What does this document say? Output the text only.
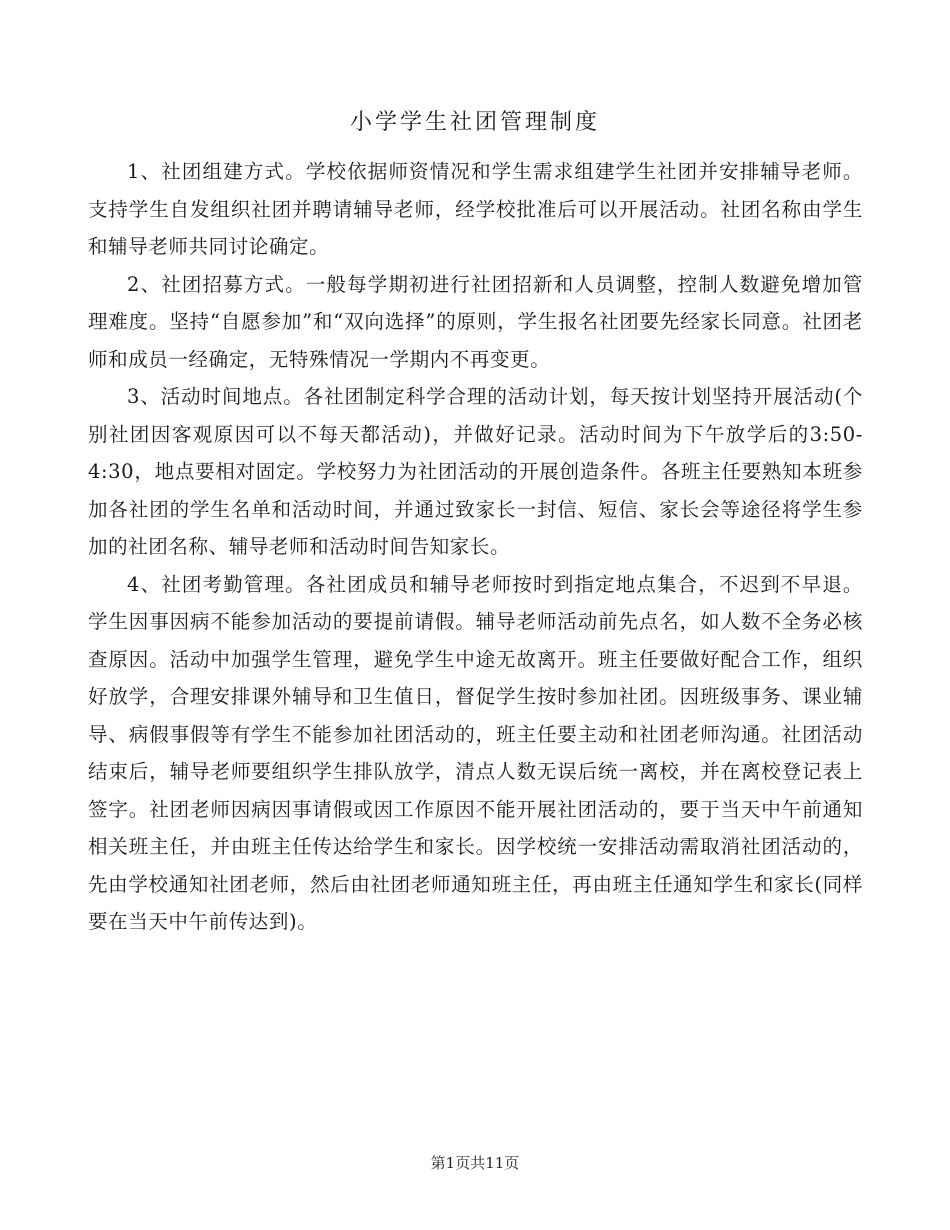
小学学生社团管理制度

1、社团组建方式。学校依据师资情况和学生需求组建学生社团并安排辅导老师。支持学生自发组织社团并聘请辅导老师，经学校批准后可以开展活动。社团名称由学生和辅导老师共同讨论确定。

2、社团招募方式。一般每学期初进行社团招新和人员调整，控制人数避免增加管理难度。坚持“自愿参加”和“双向选择”的原则，学生报名社团要先经家长同意。社团老师和成员一经确定，无特殊情况一学期内不再变更。

3、活动时间地点。各社团制定科学合理的活动计划，每天按计划坚持开展活动(个别社团因客观原因可以不每天都活动)，并做好记录。活动时间为下午放学后的3:50-4:30，地点要相对固定。学校努力为社团活动的开展创造条件。各班主任要熟知本班参加各社团的学生名单和活动时间，并通过致家长一封信、短信、家长会等途径将学生参加的社团名称、辅导老师和活动时间告知家长。

4、社团考勤管理。各社团成员和辅导老师按时到指定地点集合，不迟到不早退。学生因事因病不能参加活动的要提前请假。辅导老师活动前先点名，如人数不全务必核查原因。活动中加强学生管理，避免学生中途无故离开。班主任要做好配合工作，组织好放学，合理安排课外辅导和卫生值日，督促学生按时参加社团。因班级事务、课业辅导、病假事假等有学生不能参加社团活动的，班主任要主动和社团老师沟通。社团活动结束后，辅导老师要组织学生排队放学，清点人数无误后统一离校，并在离校登记表上签字。社团老师因病因事请假或因工作原因不能开展社团活动的，要于当天中午前通知相关班主任，并由班主任传达给学生和家长。因学校统一安排活动需取消社团活动的，先由学校通知社团老师，然后由社团老师通知班主任，再由班主任通知学生和家长(同样要在当天中午前传达到)。

第1页共11页
